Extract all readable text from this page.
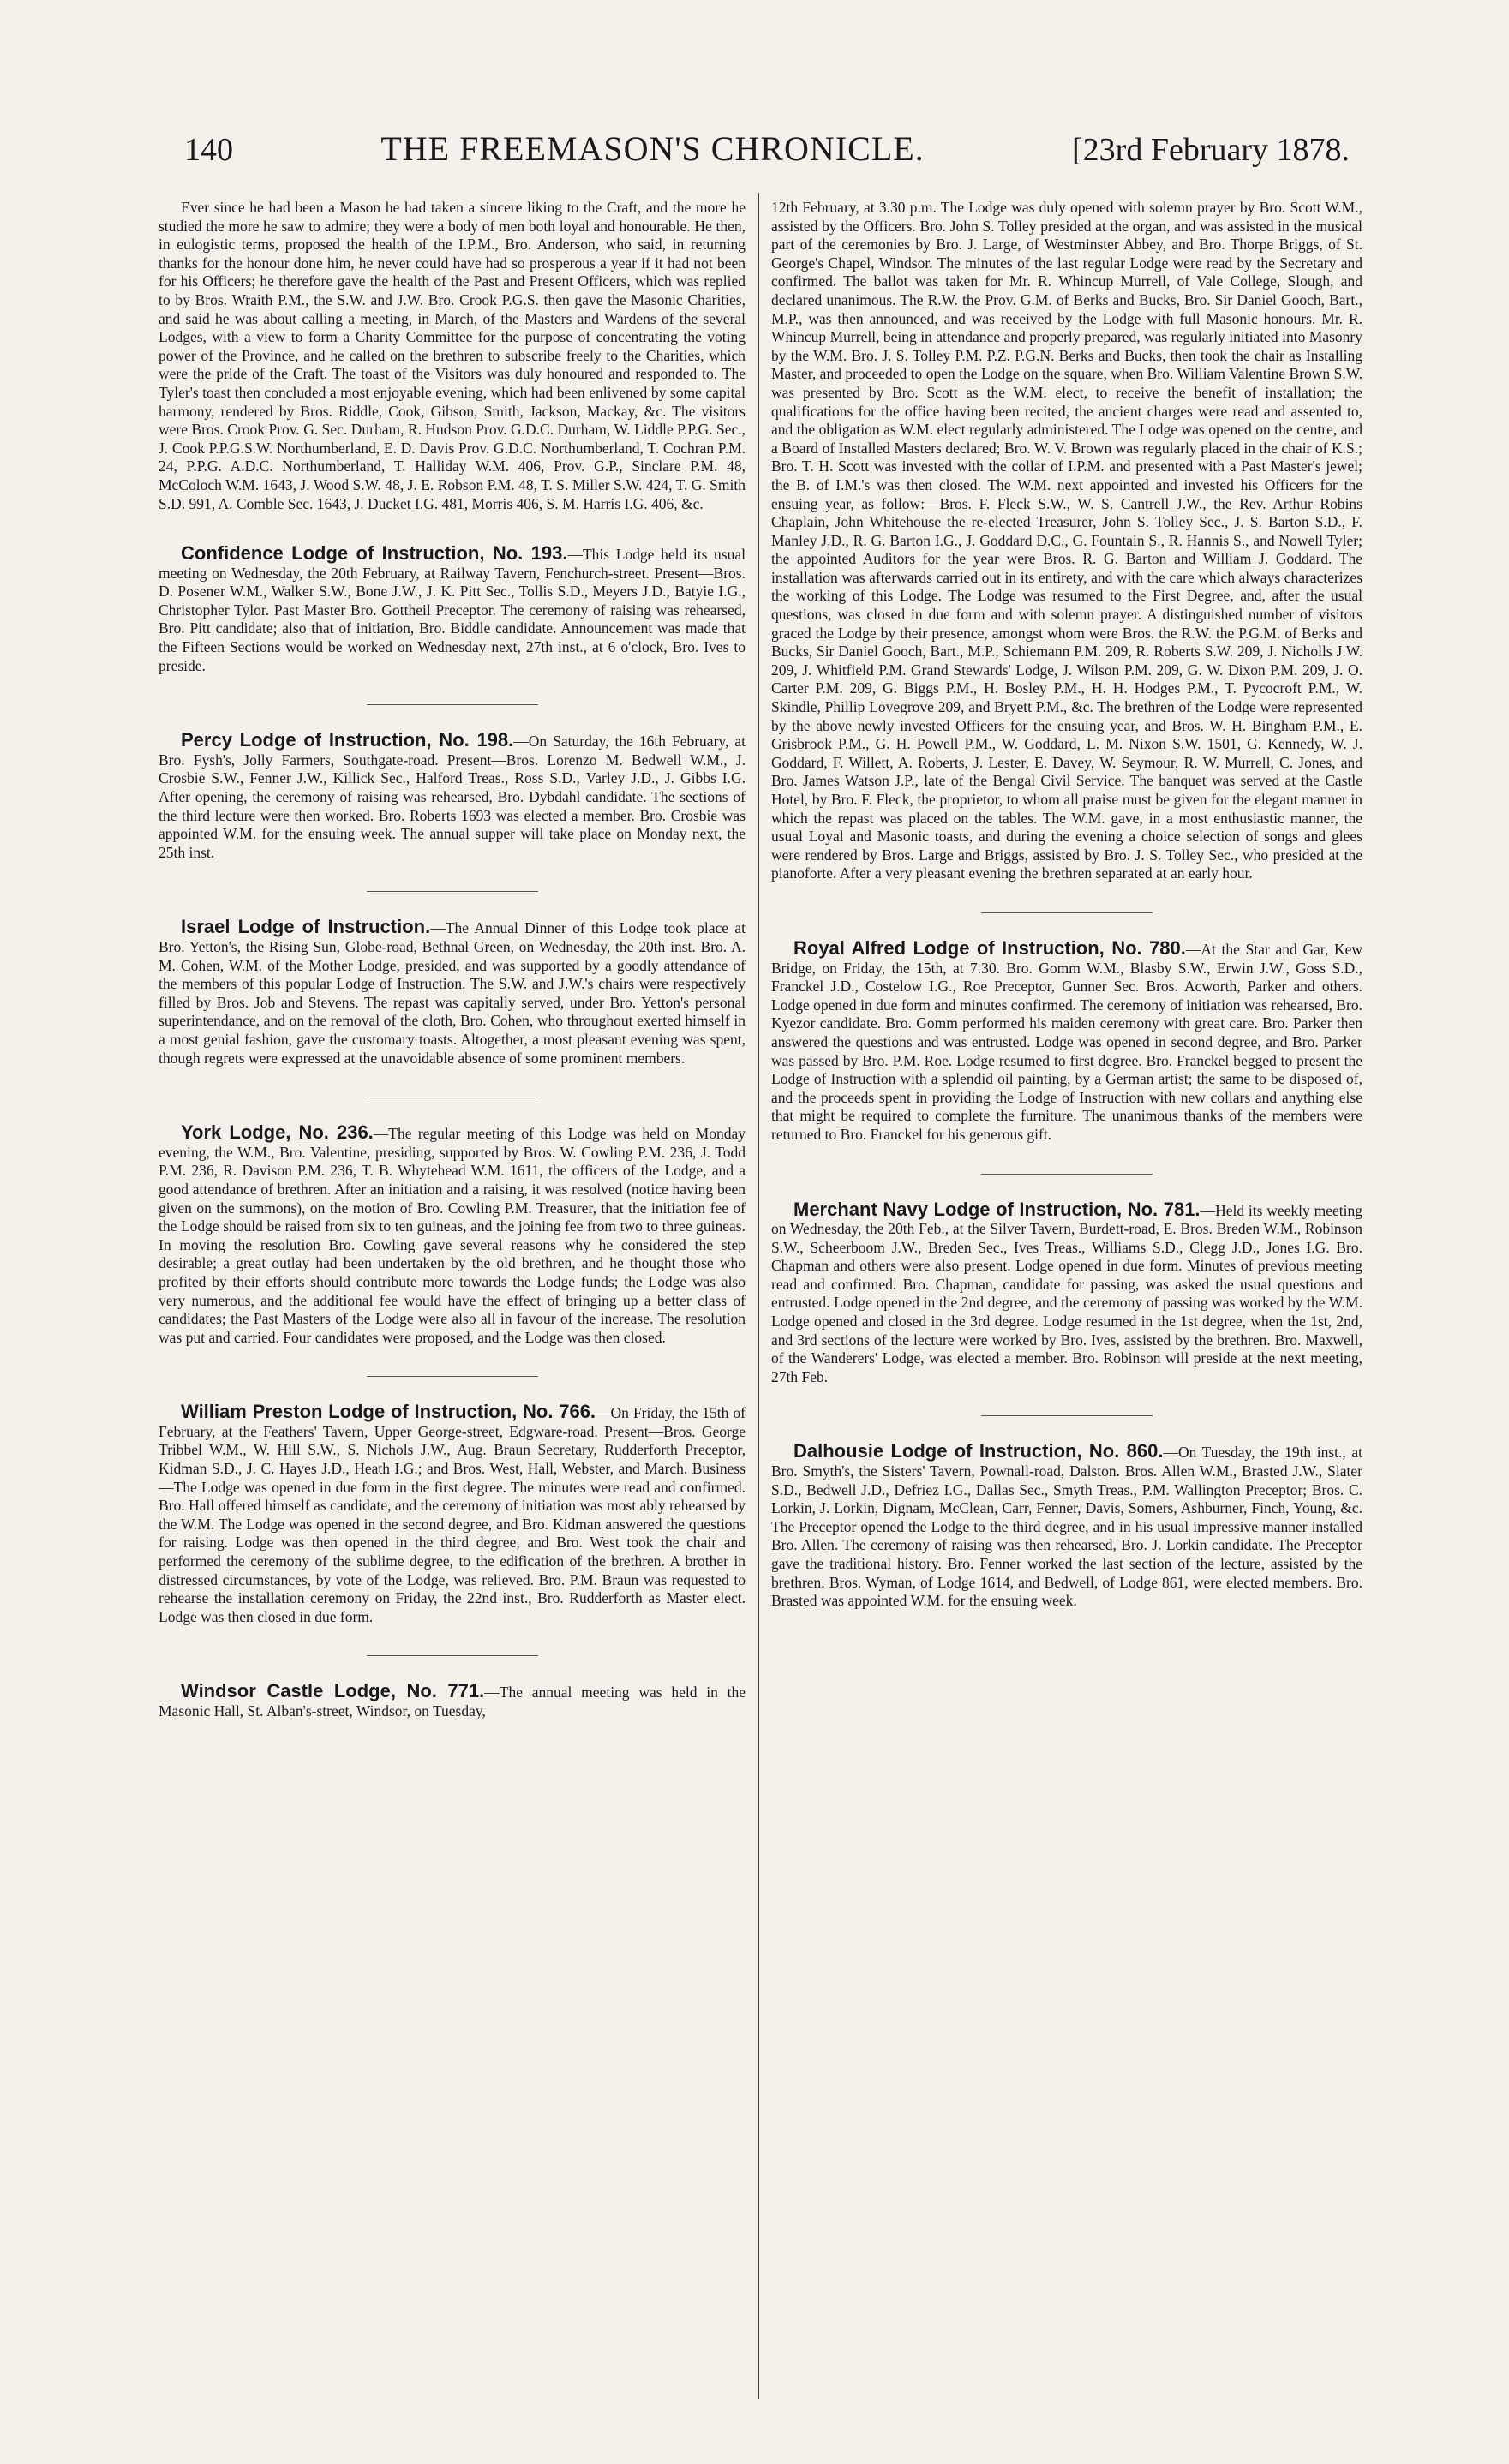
140	THE FREEMASON'S CHRONICLE.	[23rd February 1878.

Ever since he had been a Mason he had taken a sincere liking to the Craft, and the more he studied the more he saw to admire; they were a body of men both loyal and honourable. He then, in eulogistic terms, proposed the health of the I.P.M., Bro. Anderson, who said, in returning thanks for the honour done him, he never could have had so prosperous a year if it had not been for his Officers; he therefore gave the health of the Past and Present Officers, which was replied to by Bros. Wraith P.M., the S.W. and J.W. Bro. Crook P.G.S. then gave the Masonic Charities, and said he was about calling a meeting, in March, of the Masters and Wardens of the several Lodges, with a view to form a Charity Committee for the purpose of concentrating the voting power of the Province, and he called on the brethren to subscribe freely to the Charities, which were the pride of the Craft. The toast of the Visitors was duly honoured and responded to. The Tyler's toast then concluded a most enjoyable evening, which had been enlivened by some capital harmony, rendered by Bros. Riddle, Cook, Gibson, Smith, Jackson, Mackay, &c. The visitors were Bros. Crook Prov. G. Sec. Durham, R. Hudson Prov. G.D.C. Durham, W. Liddle P.P.G. Sec., J. Cook P.P.G.S.W. Northumberland, E. D. Davis Prov. G.D.C. Northumberland, T. Cochran P.M. 24, P.P.G. A.D.C. Northumberland, T. Halliday W.M. 406, Prov. G.P., Sinclare P.M. 48, McColoch W.M. 1643, J. Wood S.W. 48, J. E. Robson P.M. 48, T. S. Miller S.W. 424, T. G. Smith S.D. 991, A. Comble Sec. 1643, J. Ducket I.G. 481, Morris 406, S. M. Harris I.G. 406, &c.

Confidence Lodge of Instruction, No. 193.—This Lodge held its usual meeting on Wednesday, the 20th February, at Railway Tavern, Fenchurch-street. Present—Bros. D. Posener W.M., Walker S.W., Bone J.W., J. K. Pitt Sec., Tollis S.D., Meyers J.D., Batyie I.G., Christopher Tylor. Past Master Bro. Gottheil Preceptor. The ceremony of raising was rehearsed, Bro. Pitt candidate; also that of initiation, Bro. Biddle candidate. Announcement was made that the Fifteen Sections would be worked on Wednesday next, 27th inst., at 6 o'clock, Bro. Ives to preside.

Percy Lodge of Instruction, No. 198.—On Saturday, the 16th February, at Bro. Fysh's, Jolly Farmers, Southgate-road. Present—Bros. Lorenzo M. Bedwell W.M., J. Crosbie S.W., Fenner J.W., Killick Sec., Halford Treas., Ross S.D., Varley J.D., J. Gibbs I.G. After opening, the ceremony of raising was rehearsed, Bro. Dybdahl candidate. The sections of the third lecture were then worked. Bro. Roberts 1693 was elected a member. Bro. Crosbie was appointed W.M. for the ensuing week. The annual supper will take place on Monday next, the 25th inst.

Israel Lodge of Instruction.—The Annual Dinner of this Lodge took place at Bro. Yetton's, the Rising Sun, Globe-road, Bethnal Green, on Wednesday, the 20th inst. Bro. A. M. Cohen, W.M. of the Mother Lodge, presided, and was supported by a goodly attendance of the members of this popular Lodge of Instruction. The S.W. and J.W.'s chairs were respectively filled by Bros. Job and Stevens. The repast was capitally served, under Bro. Yetton's personal superintendance, and on the removal of the cloth, Bro. Cohen, who throughout exerted himself in a most genial fashion, gave the customary toasts. Altogether, a most pleasant evening was spent, though regrets were expressed at the unavoidable absence of some prominent members.

York Lodge, No. 236.—The regular meeting of this Lodge was held on Monday evening, the W.M., Bro. Valentine, presiding, supported by Bros. W. Cowling P.M. 236, J. Todd P.M. 236, R. Davison P.M. 236, T. B. Whytehead W.M. 1611, the officers of the Lodge, and a good attendance of brethren. After an initiation and a raising, it was resolved (notice having been given on the summons), on the motion of Bro. Cowling P.M. Treasurer, that the initiation fee of the Lodge should be raised from six to ten guineas, and the joining fee from two to three guineas. In moving the resolution Bro. Cowling gave several reasons why he considered the step desirable; a great outlay had been undertaken by the old brethren, and he thought those who profited by their efforts should contribute more towards the Lodge funds; the Lodge was also very numerous, and the additional fee would have the effect of bringing up a better class of candidates; the Past Masters of the Lodge were also all in favour of the increase. The resolution was put and carried. Four candidates were proposed, and the Lodge was then closed.

William Preston Lodge of Instruction, No. 766.—On Friday, the 15th of February, at the Feathers' Tavern, Upper George-street, Edgware-road. Present—Bros. George Tribbel W.M., W. Hill S.W., S. Nichols J.W., Aug. Braun Secretary, Rudderforth Preceptor, Kidman S.D., J. C. Hayes J.D., Heath I.G.; and Bros. West, Hall, Webster, and March. Business—The Lodge was opened in due form in the first degree. The minutes were read and confirmed. Bro. Hall offered himself as candidate, and the ceremony of initiation was most ably rehearsed by the W.M. The Lodge was opened in the second degree, and Bro. Kidman answered the questions for raising. Lodge was then opened in the third degree, and Bro. West took the chair and performed the ceremony of the sublime degree, to the edification of the brethren. A brother in distressed circumstances, by vote of the Lodge, was relieved. Bro. P.M. Braun was requested to rehearse the installation ceremony on Friday, the 22nd inst., Bro. Rudderforth as Master elect. Lodge was then closed in due form.

Windsor Castle Lodge, No. 771.—The annual meeting was held in the Masonic Hall, St. Alban's-street, Windsor, on Tuesday,

12th February, at 3.30 p.m. The Lodge was duly opened with solemn prayer by Bro. Scott W.M., assisted by the Officers. Bro. John S. Tolley presided at the organ, and was assisted in the musical part of the ceremonies by Bro. J. Large, of Westminster Abbey, and Bro. Thorpe Briggs, of St. George's Chapel, Windsor. The minutes of the last regular Lodge were read by the Secretary and confirmed. The ballot was taken for Mr. R. Whincup Murrell, of Vale College, Slough, and declared unanimous. The R.W. the Prov. G.M. of Berks and Bucks, Bro. Sir Daniel Gooch, Bart., M.P., was then announced, and was received by the Lodge with full Masonic honours. Mr. R. Whincup Murrell, being in attendance and properly prepared, was regularly initiated into Masonry by the W.M. Bro. J. S. Tolley P.M. P.Z. P.G.N. Berks and Bucks, then took the chair as Installing Master, and proceeded to open the Lodge on the square, when Bro. William Valentine Brown S.W. was presented by Bro. Scott as the W.M. elect, to receive the benefit of installation; the qualifications for the office having been recited, the ancient charges were read and assented to, and the obligation as W.M. elect regularly administered. The Lodge was opened on the centre, and a Board of Installed Masters declared; Bro. W. V. Brown was regularly placed in the chair of K.S.; Bro. T. H. Scott was invested with the collar of I.P.M. and presented with a Past Master's jewel; the B. of I.M.'s was then closed. The W.M. next appointed and invested his Officers for the ensuing year, as follow:—Bros. F. Fleck S.W., W. S. Cantrell J.W., the Rev. Arthur Robins Chaplain, John Whitehouse the re-elected Treasurer, John S. Tolley Sec., J. S. Barton S.D., F. Manley J.D., R. G. Barton I.G., J. Goddard D.C., G. Fountain S., R. Hannis S., and Nowell Tyler; the appointed Auditors for the year were Bros. R. G. Barton and William J. Goddard. The installation was afterwards carried out in its entirety, and with the care which always characterizes the working of this Lodge. The Lodge was resumed to the First Degree, and, after the usual questions, was closed in due form and with solemn prayer. A distinguished number of visitors graced the Lodge by their presence, amongst whom were Bros. the R.W. the P.G.M. of Berks and Bucks, Sir Daniel Gooch, Bart., M.P., Schiemann P.M. 209, R. Roberts S.W. 209, J. Nicholls J.W. 209, J. Whitfield P.M. Grand Stewards' Lodge, J. Wilson P.M. 209, G. W. Dixon P.M. 209, J. O. Carter P.M. 209, G. Biggs P.M., H. Bosley P.M., H. H. Hodges P.M., T. Pycocroft P.M., W. Skindle, Phillip Lovegrove 209, and Bryett P.M., &c. The brethren of the Lodge were represented by the above newly invested Officers for the ensuing year, and Bros. W. H. Bingham P.M., E. Grisbrook P.M., G. H. Powell P.M., W. Goddard, L. M. Nixon S.W. 1501, G. Kennedy, W. J. Goddard, F. Willett, A. Roberts, J. Lester, E. Davey, W. Seymour, R. W. Murrell, C. Jones, and Bro. James Watson J.P., late of the Bengal Civil Service. The banquet was served at the Castle Hotel, by Bro. F. Fleck, the proprietor, to whom all praise must be given for the elegant manner in which the repast was placed on the tables. The W.M. gave, in a most enthusiastic manner, the usual Loyal and Masonic toasts, and during the evening a choice selection of songs and glees were rendered by Bros. Large and Briggs, assisted by Bro. J. S. Tolley Sec., who presided at the pianoforte. After a very pleasant evening the brethren separated at an early hour.

Royal Alfred Lodge of Instruction, No. 780.—At the Star and Gar, Kew Bridge, on Friday, the 15th, at 7.30. Bro. Gomm W.M., Blasby S.W., Erwin J.W., Goss S.D., Franckel J.D., Costelow I.G., Roe Preceptor, Gunner Sec. Bros. Acworth, Parker and others. Lodge opened in due form and minutes confirmed. The ceremony of initiation was rehearsed, Bro. Kyezor candidate. Bro. Gomm performed his maiden ceremony with great care. Bro. Parker then answered the questions and was entrusted. Lodge was opened in second degree, and Bro. Parker was passed by Bro. P.M. Roe. Lodge resumed to first degree. Bro. Franckel begged to present the Lodge of Instruction with a splendid oil painting, by a German artist; the same to be disposed of, and the proceeds spent in providing the Lodge of Instruction with new collars and anything else that might be required to complete the furniture. The unanimous thanks of the members were returned to Bro. Franckel for his generous gift.

Merchant Navy Lodge of Instruction, No. 781.—Held its weekly meeting on Wednesday, the 20th Feb., at the Silver Tavern, Burdett-road, E. Bros. Breden W.M., Robinson S.W., Scheerboom J.W., Breden Sec., Ives Treas., Williams S.D., Clegg J.D., Jones I.G. Bro. Chapman and others were also present. Lodge opened in due form. Minutes of previous meeting read and confirmed. Bro. Chapman, candidate for passing, was asked the usual questions and entrusted. Lodge opened in the 2nd degree, and the ceremony of passing was worked by the W.M. Lodge opened and closed in the 3rd degree. Lodge resumed in the 1st degree, when the 1st, 2nd, and 3rd sections of the lecture were worked by Bro. Ives, assisted by the brethren. Bro. Maxwell, of the Wanderers' Lodge, was elected a member. Bro. Robinson will preside at the next meeting, 27th Feb.

Dalhousie Lodge of Instruction, No. 860.—On Tuesday, the 19th inst., at Bro. Smyth's, the Sisters' Tavern, Pownall-road, Dalston. Bros. Allen W.M., Brasted J.W., Slater S.D., Bedwell J.D., Defriez I.G., Dallas Sec., Smyth Treas., P.M. Wallington Preceptor; Bros. C. Lorkin, J. Lorkin, Dignam, McClean, Carr, Fenner, Davis, Somers, Ashburner, Finch, Young, &c. The Preceptor opened the Lodge to the third degree, and in his usual impressive manner installed Bro. Allen. The ceremony of raising was then rehearsed, Bro. J. Lorkin candidate. The Preceptor gave the traditional history. Bro. Fenner worked the last section of the lecture, assisted by the brethren. Bros. Wyman, of Lodge 1614, and Bedwell, of Lodge 861, were elected members. Bro. Brasted was appointed W.M. for the ensuing week.
